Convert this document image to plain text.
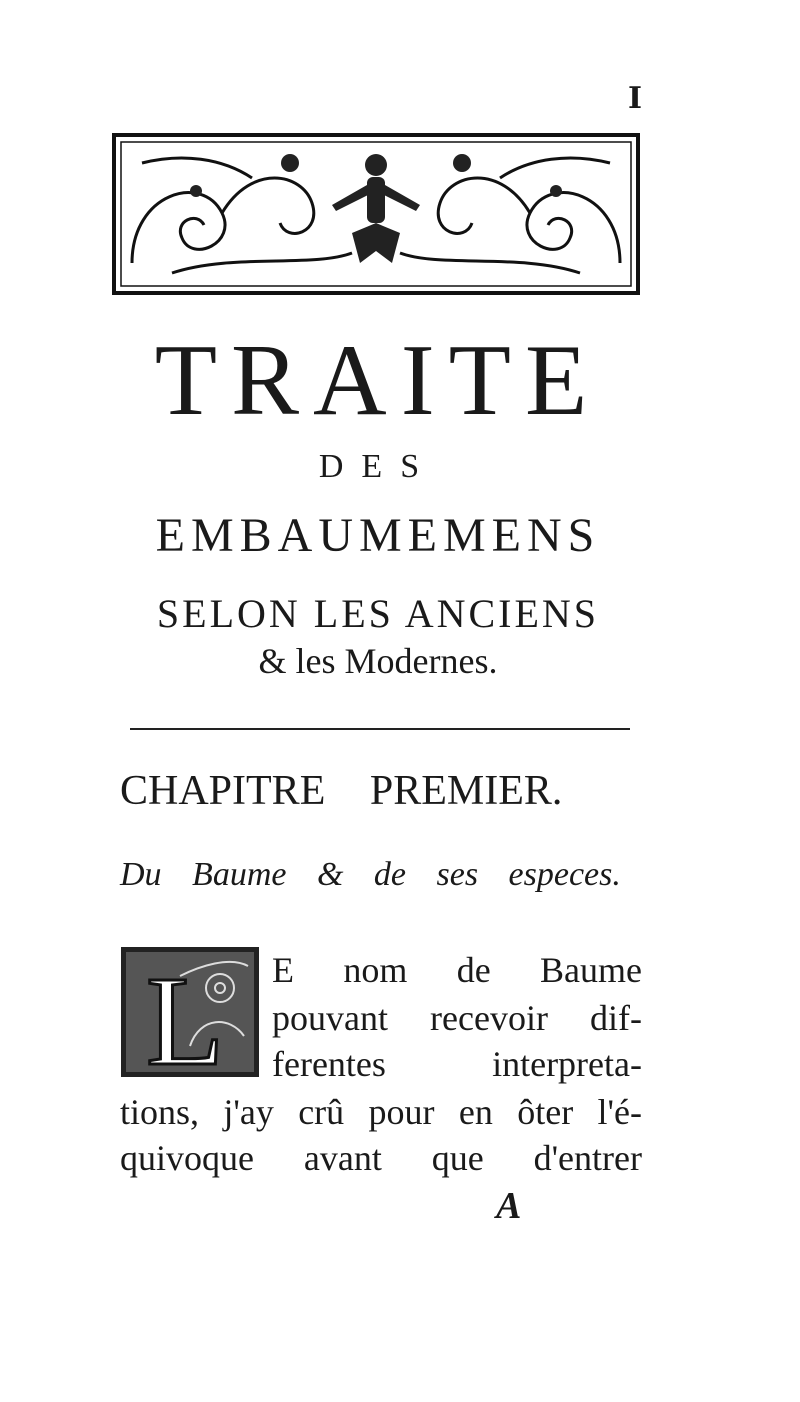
I
TRAITE
DES
EMBAUMEMENS
SELON LES ANCIENS
& les Modernes.
CHAPITRE PREMIER.
Du Baume & de ses especes.
L E nom de Baume
pouvant recevoir dif-
ferentes interpreta-
tions, j'ay crû pour en ôter l'é-
quivoque avant que d'entrer
A
